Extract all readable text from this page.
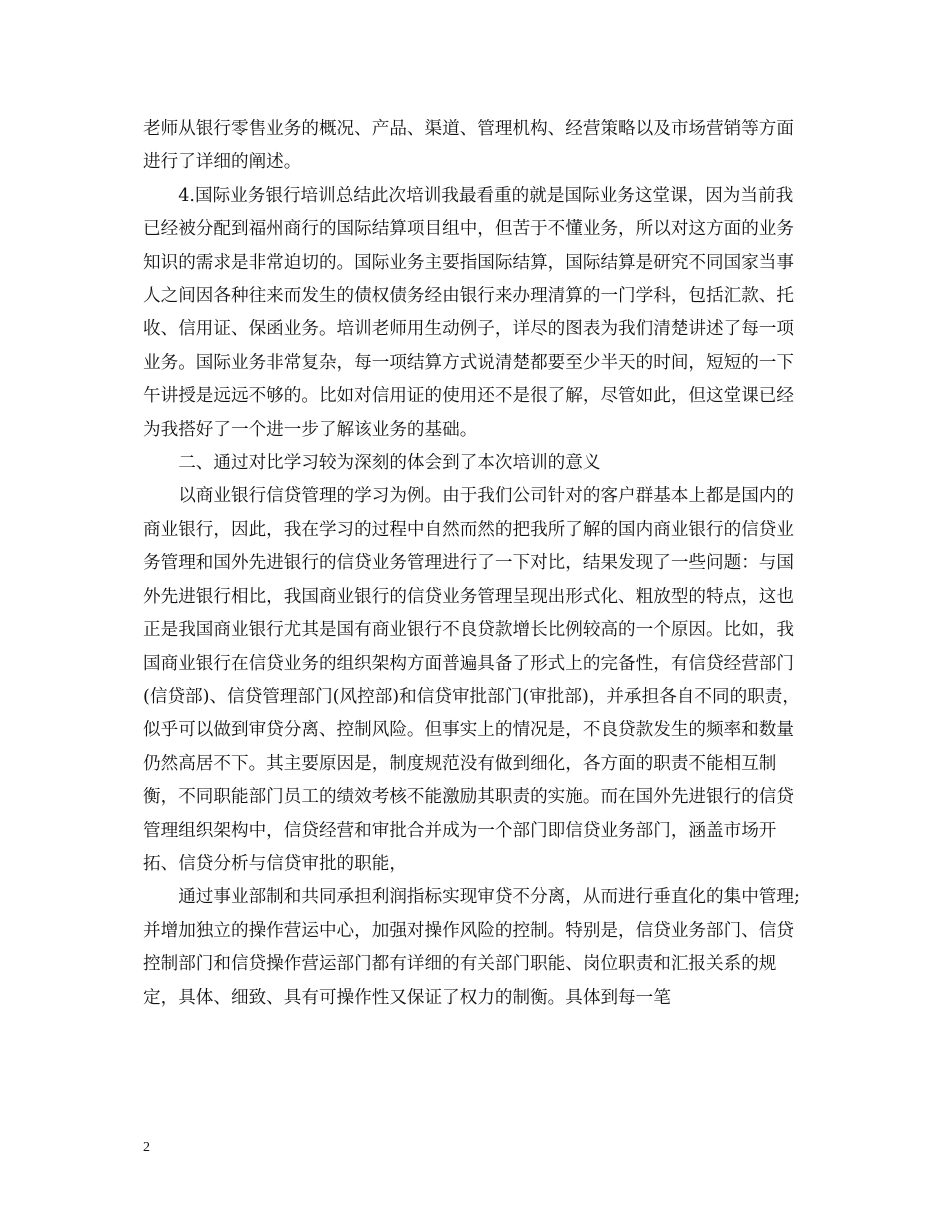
老师从银行零售业务的概况、产品、渠道、管理机构、经营策略以及市场营销等方面进行了详细的阐述。

4.国际业务银行培训总结此次培训我最看重的就是国际业务这堂课，因为当前我已经被分配到福州商行的国际结算项目组中，但苦于不懂业务，所以对这方面的业务知识的需求是非常迫切的。国际业务主要指国际结算，国际结算是研究不同国家当事人之间因各种往来而发生的债权债务经由银行来办理清算的一门学科，包括汇款、托收、信用证、保函业务。培训老师用生动例子，详尽的图表为我们清楚讲述了每一项业务。国际业务非常复杂，每一项结算方式说清楚都要至少半天的时间，短短的一下午讲授是远远不够的。比如对信用证的使用还不是很了解，尽管如此，但这堂课已经为我搭好了一个进一步了解该业务的基础。

二、通过对比学习较为深刻的体会到了本次培训的意义

以商业银行信贷管理的学习为例。由于我们公司针对的客户群基本上都是国内的商业银行，因此，我在学习的过程中自然而然的把我所了解的国内商业银行的信贷业务管理和国外先进银行的信贷业务管理进行了一下对比，结果发现了一些问题：与国外先进银行相比，我国商业银行的信贷业务管理呈现出形式化、粗放型的特点，这也正是我国商业银行尤其是国有商业银行不良贷款增长比例较高的一个原因。比如，我国商业银行在信贷业务的组织架构方面普遍具备了形式上的完备性，有信贷经营部门(信贷部)、信贷管理部门(风控部)和信贷审批部门(审批部)，并承担各自不同的职责，似乎可以做到审贷分离、控制风险。但事实上的情况是，不良贷款发生的频率和数量仍然高居不下。其主要原因是，制度规范没有做到细化，各方面的职责不能相互制衡，不同职能部门员工的绩效考核不能激励其职责的实施。而在国外先进银行的信贷管理组织架构中，信贷经营和审批合并成为一个部门即信贷业务部门，涵盖市场开拓、信贷分析与信贷审批的职能，

通过事业部制和共同承担利润指标实现审贷不分离，从而进行垂直化的集中管理;并增加独立的操作营运中心，加强对操作风险的控制。特别是，信贷业务部门、信贷控制部门和信贷操作营运部门都有详细的有关部门职能、岗位职责和汇报关系的规定，具体、细致、具有可操作性又保证了权力的制衡。具体到每一笔

2
